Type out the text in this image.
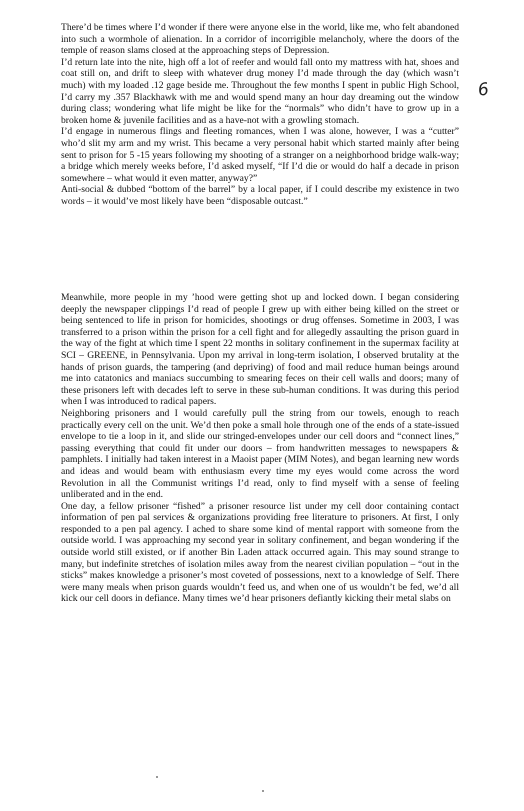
6

There’d be times where I’d wonder if there were anyone else in the world, like me, who felt abandoned into such a wormhole of alienation. In a corridor of incorrigible melancholy, where the doors of the temple of reason slams closed at the approaching steps of Depression.

I’d return late into the nite, high off a lot of reefer and would fall onto my mattress with hat, shoes and coat still on, and drift to sleep with whatever drug money I’d made through the day (which wasn’t much) with my loaded .12 gage beside me. Throughout the few months I spent in public High School, I’d carry my .357 Blackhawk with me and would spend many an hour day dreaming out the window during class; wondering what life might be like for the “normals” who didn’t have to grow up in a broken home & juvenile facilities and as a have-not with a growling stomach.

I’d engage in numerous flings and fleeting romances, when I was alone, however, I was a “cutter” who’d slit my arm and my wrist. This became a very personal habit which started mainly after being sent to prison for 5 -15 years following my shooting of a stranger on a neighborhood bridge walk-way; a bridge which merely weeks before, I’d asked myself, “If I’d die or would do half a decade in prison somewhere – what would it even matter, anyway?”

Anti-social & dubbed “bottom of the barrel” by a local paper, if I could describe my existence in two words – it would’ve most likely have been “disposable outcast.”

Meanwhile, more people in my ’hood were getting shot up and locked down. I began considering deeply the newspaper clippings I’d read of people I grew up with either being killed on the street or being sentenced to life in prison for homicides, shootings or drug offenses. Sometime in 2003, I was transferred to a prison within the prison for a cell fight and for allegedly assaulting the prison guard in the way of the fight at which time I spent 22 months in solitary confinement in the supermax facility at SCI – GREENE, in Pennsylvania. Upon my arrival in long-term isolation, I observed brutality at the hands of prison guards, the tampering (and depriving) of food and mail reduce human beings around me into catatonics and maniacs succumbing to smearing feces on their cell walls and doors; many of these prisoners left with decades left to serve in these sub-human conditions. It was during this period when I was introduced to radical papers.

Neighboring prisoners and I would carefully pull the string from our towels, enough to reach practically every cell on the unit. We’d then poke a small hole through one of the ends of a state-issued envelope to tie a loop in it, and slide our stringed-envelopes under our cell doors and “connect lines,” passing everything that could fit under our doors – from handwritten messages to newspapers & pamphlets. I initially had taken interest in a Maoist paper (MIM Notes), and began learning new words and ideas and would beam with enthusiasm every time my eyes would come across the word Revolution in all the Communist writings I’d read, only to find myself with a sense of feeling unliberated and in the end.

One day, a fellow prisoner “fished” a prisoner resource list under my cell door containing contact information of pen pal services & organizations providing free literature to prisoners. At first, I only responded to a pen pal agency. I ached to share some kind of mental rapport with someone from the outside world. I was approaching my second year in solitary confinement, and began wondering if the outside world still existed, or if another Bin Laden attack occurred again. This may sound strange to many, but indefinite stretches of isolation miles away from the nearest civilian population – “out in the sticks” makes knowledge a prisoner’s most coveted of possessions, next to a knowledge of Self. There were many meals when prison guards wouldn’t feed us, and when one of us wouldn’t be fed, we’d all kick our cell doors in defiance. Many times we’d hear prisoners defiantly kicking their metal slabs on
